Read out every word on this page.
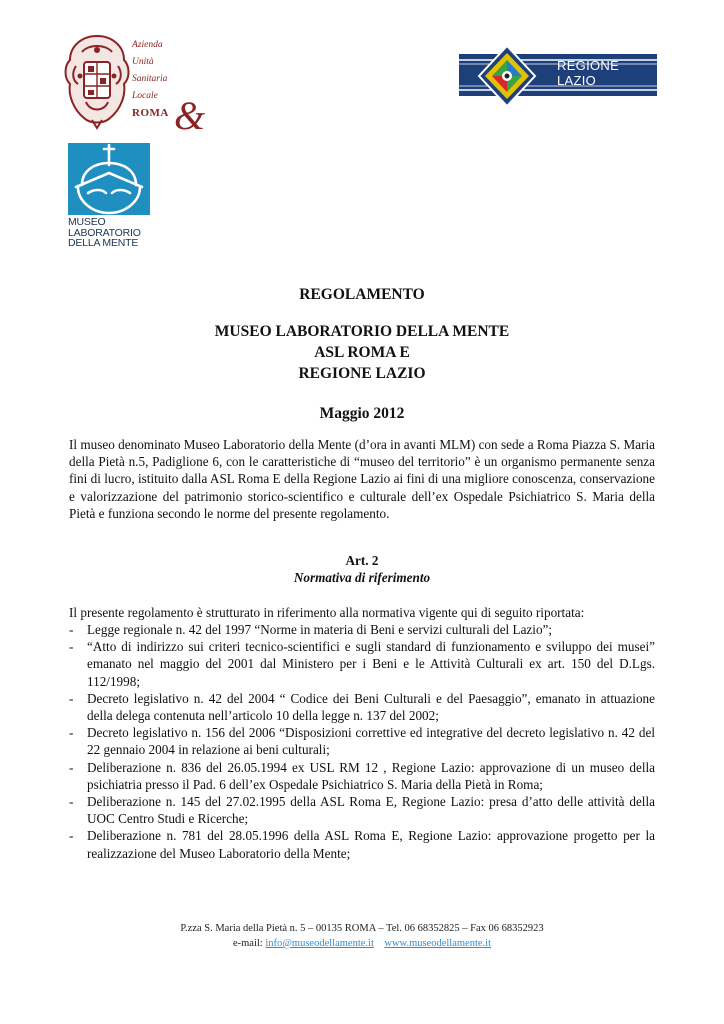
Azienda
Unità
Sanitaria
Locale
ROMA &
REGIONE
LAZIO
MUSEO
LABORATORIO
DELLA MENTE
REGOLAMENTO
MUSEO LABORATORIO DELLA MENTE
ASL ROMA E
REGIONE LAZIO
Maggio 2012
Il museo denominato Museo Laboratorio della Mente (d’ora in avanti MLM) con sede a Roma Piazza S. Maria della Pietà n.5, Padiglione 6, con le caratteristiche di “museo del territorio” è un organismo permanente senza fini di lucro, istituito dalla ASL Roma E della Regione Lazio ai fini di una migliore conoscenza, conservazione e valorizzazione del patrimonio storico-scientifico e culturale dell’ex Ospedale Psichiatrico S. Maria della Pietà e funziona secondo le norme del presente regolamento.
Art. 2
Normativa di riferimento
Il presente regolamento è strutturato in riferimento alla normativa vigente qui di seguito riportata:
- Legge regionale n. 42 del 1997 “Norme in materia di Beni e servizi culturali del Lazio”;
- “Atto di indirizzo sui criteri tecnico-scientifici e sugli standard di funzionamento e sviluppo dei musei” emanato nel maggio del 2001 dal Ministero per i Beni e le Attività Culturali ex art. 150 del D.Lgs. 112/1998;
- Decreto legislativo n. 42 del 2004 “ Codice dei Beni Culturali e del Paesaggio”, emanato in attuazione della delega contenuta nell’articolo 10 della legge n. 137 del 2002;
- Decreto legislativo n. 156 del 2006 “Disposizioni correttive ed integrative del decreto legislativo n. 42 del 22 gennaio 2004 in relazione ai beni culturali;
- Deliberazione n. 836 del 26.05.1994 ex USL RM 12 , Regione Lazio: approvazione di un museo della psichiatria presso il Pad. 6 dell’ex Ospedale Psichiatrico S. Maria della Pietà in Roma;
- Deliberazione n. 145 del 27.02.1995 della ASL Roma E, Regione Lazio: presa d’atto delle attività della UOC Centro Studi e Ricerche;
- Deliberazione n. 781 del 28.05.1996 della ASL Roma E, Regione Lazio: approvazione progetto per la realizzazione del Museo Laboratorio della Mente;
P.zza S. Maria della Pietà n. 5 – 00135 ROMA – Tel. 06 68352825 – Fax 06 68352923
e-mail: info@museodellamente.it www.museodellamente.it
